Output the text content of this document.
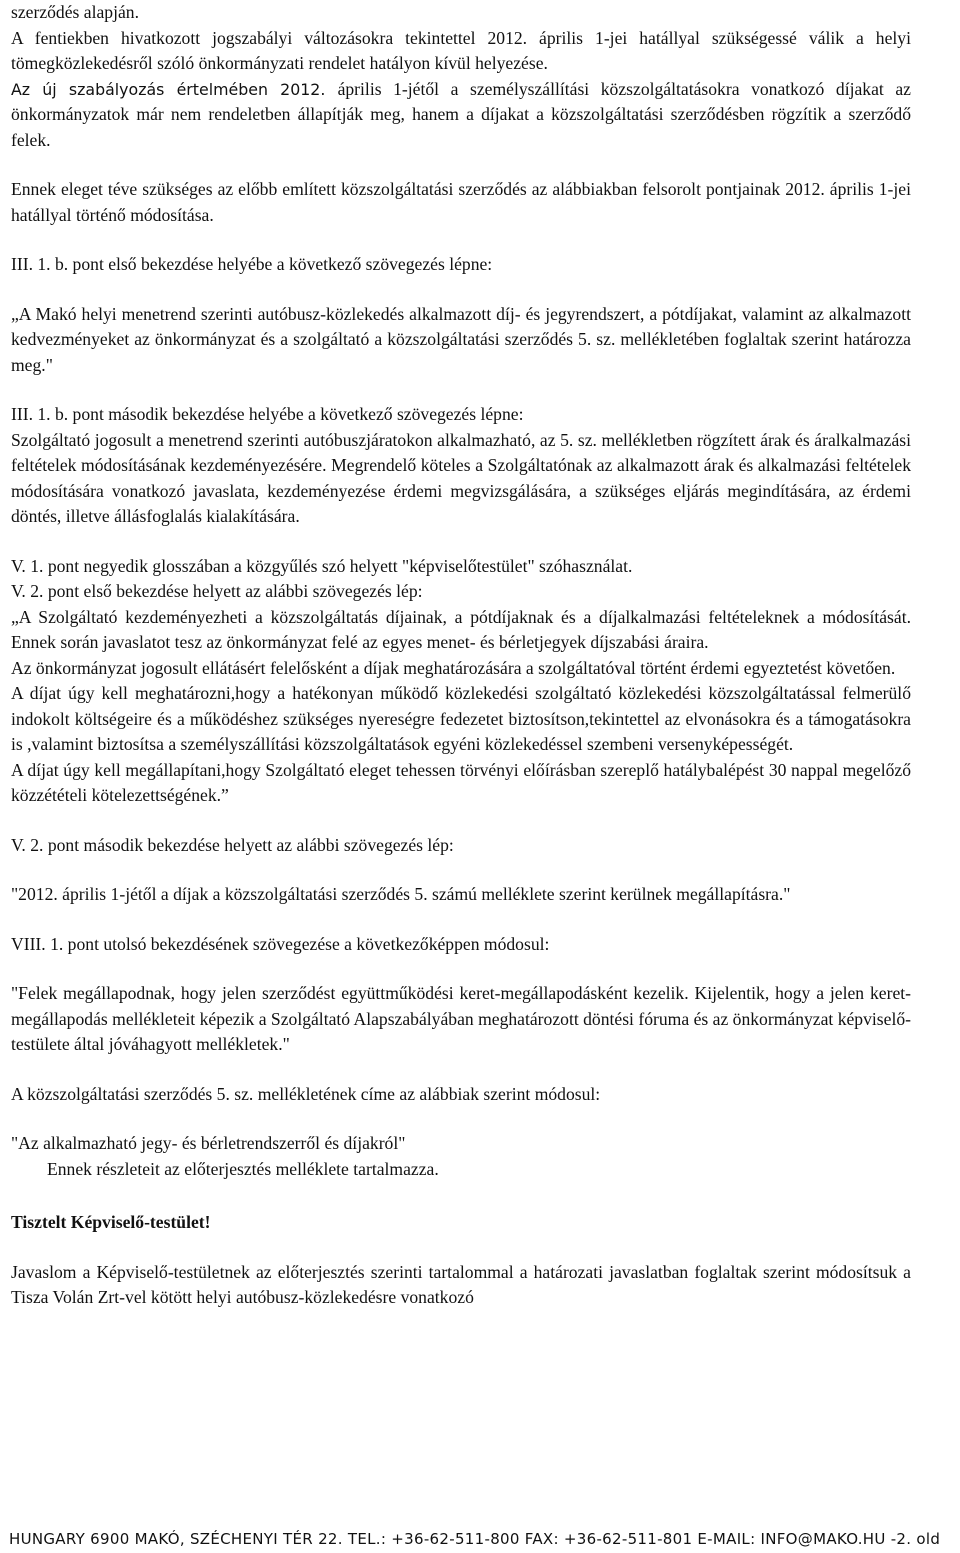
szerződés alapján.

A fentiekben hivatkozott jogszabályi változásokra tekintettel 2012. április 1-jei hatállyal szükségessé válik a helyi tömegközlekedésről szóló önkormányzati rendelet hatályon kívül helyezése.

Az új szabályozás értelmében 2012. április 1-jétől a személyszállítási közszolgáltatásokra vonatkozó díjakat az önkormányzatok már nem rendeletben állapítják meg, hanem a díjakat a közszolgáltatási szerződésben rögzítik a szerződő felek.

Ennek eleget téve szükséges az előbb említett közszolgáltatási szerződés az alábbiakban felsorolt pontjainak 2012. április 1-jei hatállyal történő módosítása.

III. 1. b. pont első bekezdése helyébe a következő szövegezés lépne:

„A Makó helyi menetrend szerinti autóbusz-közlekedés alkalmazott díj- és jegyrendszert, a pótdíjakat, valamint az alkalmazott kedvezményeket az önkormányzat és a szolgáltató a közszolgáltatási szerződés 5. sz. mellékletében foglaltak szerint határozza meg."

III. 1. b. pont második bekezdése helyébe a következő szövegezés lépne:

Szolgáltató jogosult a menetrend szerinti autóbuszjáratokon alkalmazható, az 5. sz. mellékletben rögzített árak és áralkalmazási feltételek módosításának kezdeményezésére. Megrendelő köteles a Szolgáltatónak az alkalmazott árak és alkalmazási feltételek módosítására vonatkozó javaslata, kezdeményezése érdemi megvizsgálására, a szükséges eljárás megindítására, az érdemi döntés, illetve állásfoglalás kialakítására.

V. 1. pont negyedik glosszában a közgyűlés szó helyett "képviselőtestület" szóhasználat.

V. 2. pont első bekezdése helyett az alábbi szövegezés lép:

„A Szolgáltató kezdeményezheti a közszolgáltatás díjainak, a pótdíjaknak és a díjalkalmazási feltételeknek a módosítását. Ennek során javaslatot tesz az önkormányzat felé az egyes menet- és bérletjegyek díjszabási áraira.

Az önkormányzat jogosult ellátásért felelősként a díjak meghatározására a szolgáltatóval történt érdemi egyeztetést követően.

A díjat úgy kell meghatározni,hogy a hatékonyan működő közlekedési szolgáltató közlekedési közszolgáltatással felmerülő indokolt költségeire és a működéshez szükséges nyereségre fedezetet biztosítson,tekintettel az elvonásokra és a támogatásokra is ,valamint biztosítsa a személyszállítási közszolgáltatások egyéni közlekedéssel szembeni versenyképességét.

A díjat úgy kell megállapítani,hogy Szolgáltató eleget tehessen törvényi előírásban szereplő hatálybalépést 30 nappal megelőző közzétételi kötelezettségének.”

V. 2. pont második bekezdése helyett az alábbi szövegezés lép:

"2012. április 1-jétől a díjak a közszolgáltatási szerződés 5. számú melléklete szerint kerülnek megállapításra."

VIII. 1. pont utolsó bekezdésének szövegezése a következőképpen módosul:

"Felek megállapodnak, hogy jelen szerződést együttműködési keret-megállapodásként kezelik. Kijelentik, hogy a jelen keret-megállapodás mellékleteit képezik a Szolgáltató Alapszabályában meghatározott döntési fóruma és az önkormányzat képviselő-testülete által jóváhagyott mellékletek."

A közszolgáltatási szerződés 5. sz. mellékletének címe az alábbiak szerint módosul:

"Az alkalmazható jegy- és bérletrendszerről és díjakról"

Ennek részleteit az előterjesztés melléklete tartalmazza.

Tisztelt Képviselő-testület!

Javaslom a Képviselő-testületnek az előterjesztés szerinti tartalommal a határozati javaslatban foglaltak szerint módosítsuk a Tisza Volán Zrt-vel kötött helyi autóbusz-közlekedésre vonatkozó

HUNGARY 6900 MAKÓ, SZÉCHENYI TÉR 22. TEL.: +36-62-511-800 FAX: +36-62-511-801 E-MAIL: INFO@MAKO.HU -2. old
